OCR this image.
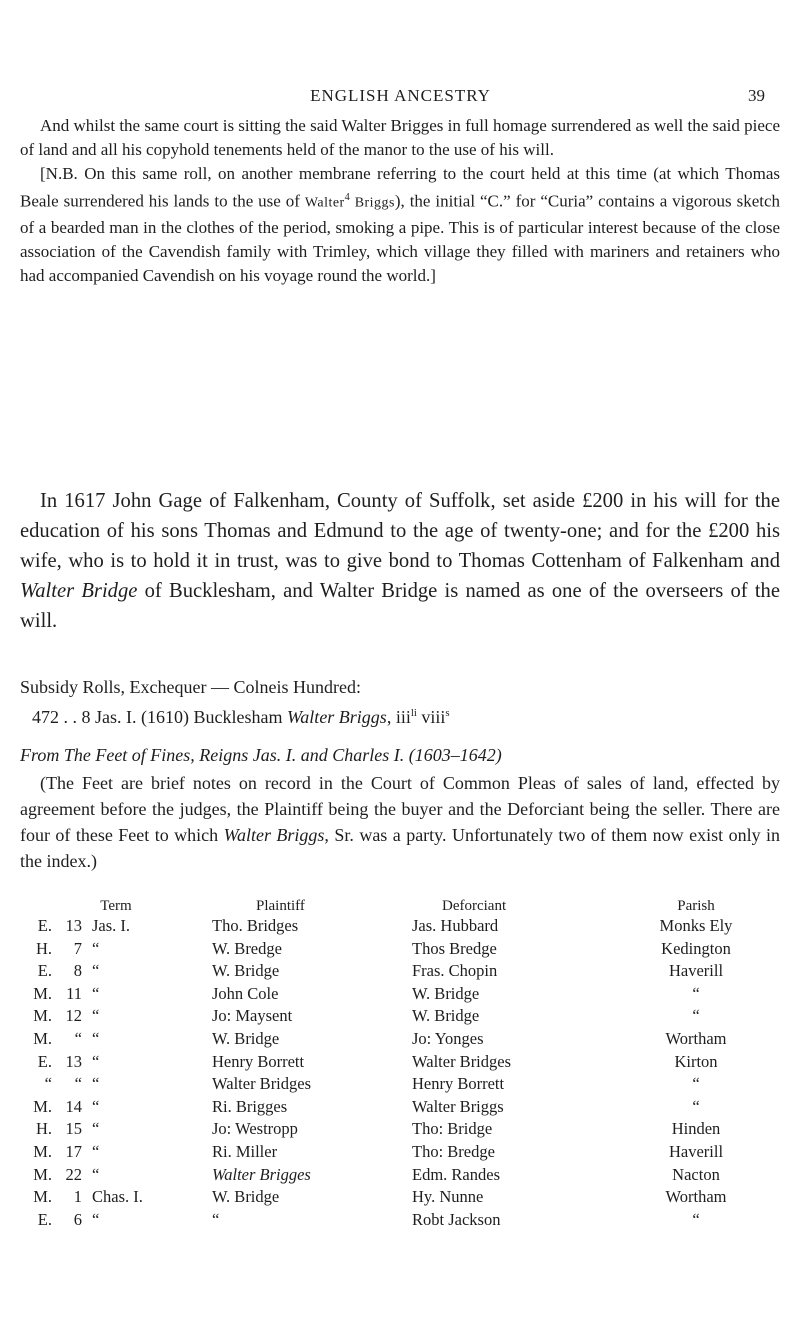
ENGLISH ANCESTRY	39
And whilst the same court is sitting the said Walter Brigges in full homage surrendered as well the said piece of land and all his copyhold tenements held of the manor to the use of his will.
[N.B. On this same roll, on another membrane referring to the court held at this time (at which Thomas Beale surrendered his lands to the use of Walter$^4$ Briggs), the initial “C.” for “Curia” contains a vigorous sketch of a bearded man in the clothes of the period, smoking a pipe. This is of particular interest because of the close association of the Cavendish family with Trimley, which village they filled with mariners and retainers who had accompanied Cavendish on his voyage round the world.]
In 1617 John Gage of Falkenham, County of Suffolk, set aside £200 in his will for the education of his sons Thomas and Edmund to the age of twenty-one; and for the £200 his wife, who is to hold it in trust, was to give bond to Thomas Cottenham of Falkenham and Walter Bridge of Bucklesham, and Walter Bridge is named as one of the overseers of the will.
Subsidy Rolls, Exchequer — Colneis Hundred:
472 . . 8 Jas. I. (1610) Bucklesham Walter Briggs, iii$^{li}$ viii$^s$
From The Feet of Fines, Reigns Jas. I. and Charles I. (1603–1642)
(The Feet are brief notes on record in the Court of Common Pleas of sales of land, effected by agreement before the judges, the Plaintiff being the buyer and the Deforciant being the seller. There are four of these Feet to which Walter Briggs, Sr. was a party. Unfortunately two of them now exist only in the index.)
Term			Plaintiff	Deforciant	Parish
E.	13	Jas. I.	Tho. Bridges	Jas. Hubbard	Monks Ely
H.	7	“	W. Bredge	Thos Bredge	Kedington
E.	8	“	W. Bridge	Fras. Chopin	Haverill
M.	11	“	John Cole	W. Bridge	“
M.	12	“	Jo: Maysent	W. Bridge	“
M.	“	“	W. Bridge	Jo: Yonges	Wortham
E.	13	“	Henry Borrett	Walter Bridges	Kirton
“	“	“	Walter Bridges	Henry Borrett	“
M.	14	“	Ri. Brigges	Walter Briggs	“
H.	15	“	Jo: Westropp	Tho: Bridge	Hinden
M.	17	“	Ri. Miller	Tho: Bredge	Haverill
M.	22	“	Walter Brigges	Edm. Randes	Nacton
M.	1	Chas. I.	W. Bridge	Hy. Nunne	Wortham
E.	6	“	“	Robt Jackson	“
